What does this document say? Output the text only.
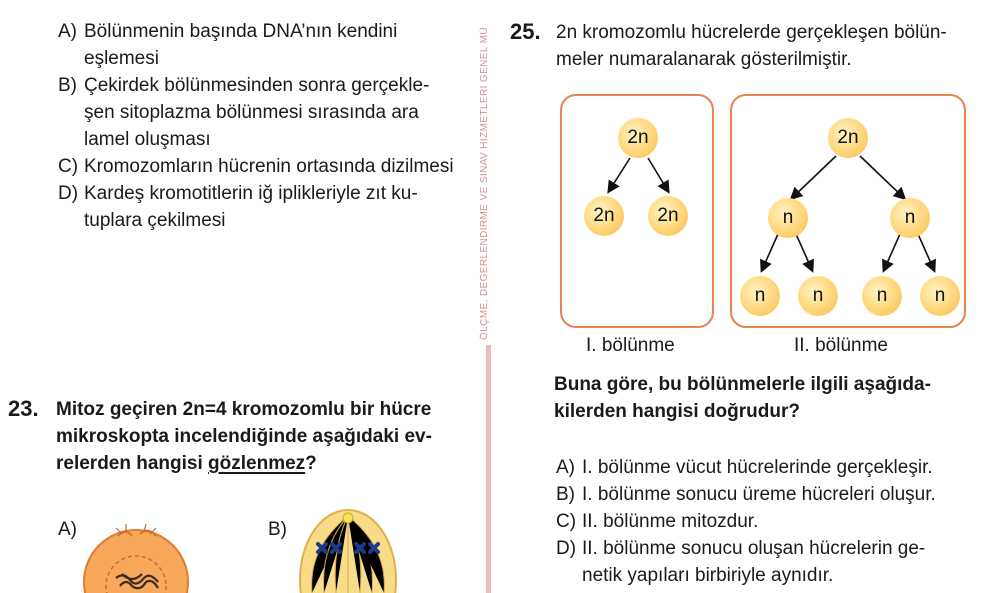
A) Bölünmenin başında DNA’nın kendini
eşlemesi
B) Çekirdek bölünmesinden sonra gerçekle-
şen sitoplazma bölünmesi sırasında ara
lamel oluşması
C) Kromozomların hücrenin ortasında dizilmesi
D) Kardeş kromotitlerin iğ iplikleriyle zıt ku-
tuplara çekilmesi	ÖLÇME, DEĞERLENDİRME VE SINAV HİZMETLERİ GENEL MÜ
23. Mitoz geçiren 2n=4 kromozomlu bir hücre
mikroskopta incelendiğinde aşağıdaki ev-
relerden hangisi gözlenmez?
A)	B)
25. 2n kromozomlu hücrelerde gerçekleşen bölün-
meler numaralanarak gösterilmiştir.
2n
2n	2n
I. bölünme
2n
n	n
n	n	n	n
II. bölünme
Buna göre, bu bölünmelerle ilgili aşağıda-
kilerden hangisi doğrudur?
A) I. bölünme vücut hücrelerinde gerçekleşir.
B) I. bölünme sonucu üreme hücreleri oluşur.
C) II. bölünme mitozdur.
D) II. bölünme sonucu oluşan hücrelerin ge-
netik yapıları birbiriyle aynıdır.
